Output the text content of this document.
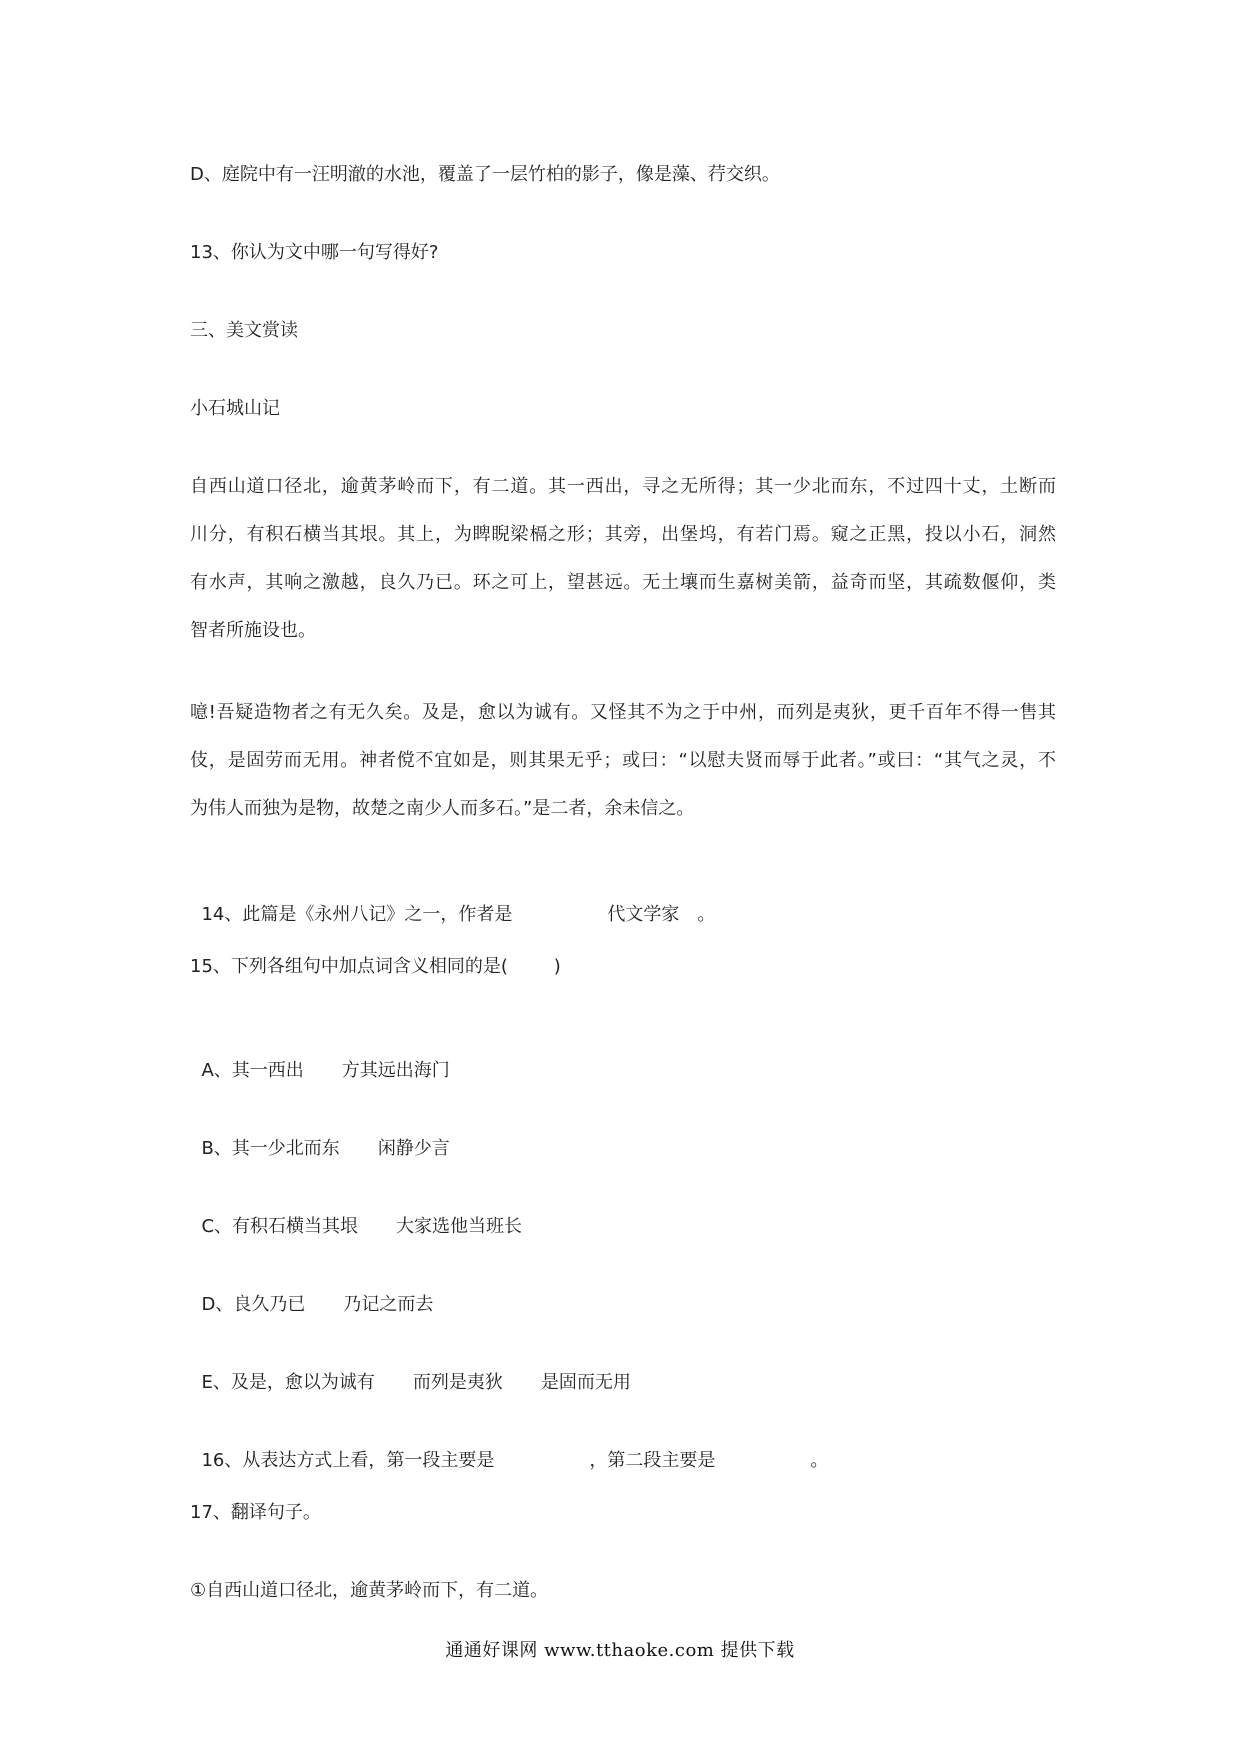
D、庭院中有一汪明澈的水池，覆盖了一层竹柏的影子，像是藻、荇交织。
13、你认为文中哪一句写得好?
三、美文赏读
小石城山记
自西山道口径北，逾黄茅岭而下，有二道。其一西出，寻之无所得；其一少北而东，不过四十丈，土断而
川分，有积石横当其垠。其上，为睥睨梁槅之形；其旁，出堡坞，有若门焉。窥之正黑，投以小石，洞然
有水声，其响之激越，良久乃已。环之可上，望甚远。无土壤而生嘉树美箭，益奇而坚，其疏数偃仰，类
智者所施设也。
噫!吾疑造物者之有无久矣。及是，愈以为诚有。又怪其不为之于中州，而列是夷狄，更千百年不得一售其
伎，是固劳而无用。神者傥不宜如是，则其果无乎；或曰：“以慰夫贤而辱于此者。”或曰：“其气之灵，不
为伟人而独为是物，故楚之南少人而多石。”是二者，余未信之。

14、此篇是《永州八记》之一，作者是	代文学家 。

15、下列各组句中加点词含义相同的是(        )

A、其一西出 方其远出海门

B、其一少北而东 闲静少言

C、有积石横当其垠 大家选他当班长

D、良久乃已 乃记之而去

E、及是，愈以为诚有 而列是夷狄 是固而无用

16、从表达方式上看，第一段主要是	，第二段主要是	。

17、翻译句子。
①自西山道口径北，逾黄茅岭而下，有二道。
通通好课网 www.tthaoke.com 提供下载
